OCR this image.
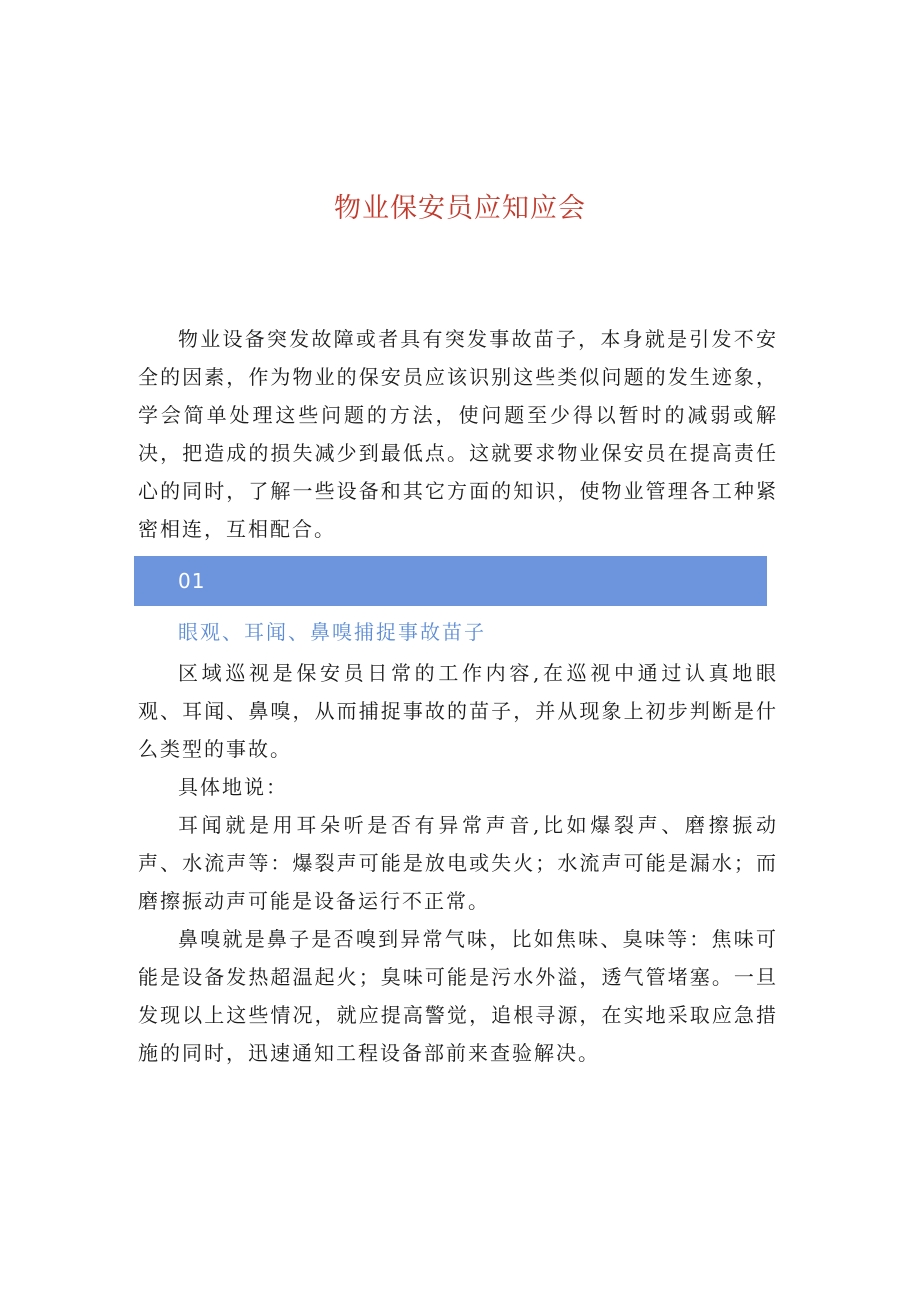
物业保安员应知应会

物业设备突发故障或者具有突发事故苗子，本身就是引发不安全的因素，作为物业的保安员应该识别这些类似问题的发生迹象，学会简单处理这些问题的方法，使问题至少得以暂时的减弱或解决，把造成的损失减少到最低点。这就要求物业保安员在提高责任心的同时，了解一些设备和其它方面的知识，使物业管理各工种紧密相连，互相配合。

01
眼观、耳闻、鼻嗅捕捉事故苗子

区域巡视是保安员日常的工作内容,在巡视中通过认真地眼观、耳闻、鼻嗅，从而捕捉事故的苗子，并从现象上初步判断是什么类型的事故。

具体地说：

耳闻就是用耳朵听是否有异常声音,比如爆裂声、磨擦振动声、水流声等：爆裂声可能是放电或失火；水流声可能是漏水；而磨擦振动声可能是设备运行不正常。

鼻嗅就是鼻子是否嗅到异常气味，比如焦味、臭味等：焦味可能是设备发热超温起火；臭味可能是污水外溢，透气管堵塞。一旦发现以上这些情况，就应提高警觉，追根寻源，在实地采取应急措施的同时，迅速通知工程设备部前来查验解决。
